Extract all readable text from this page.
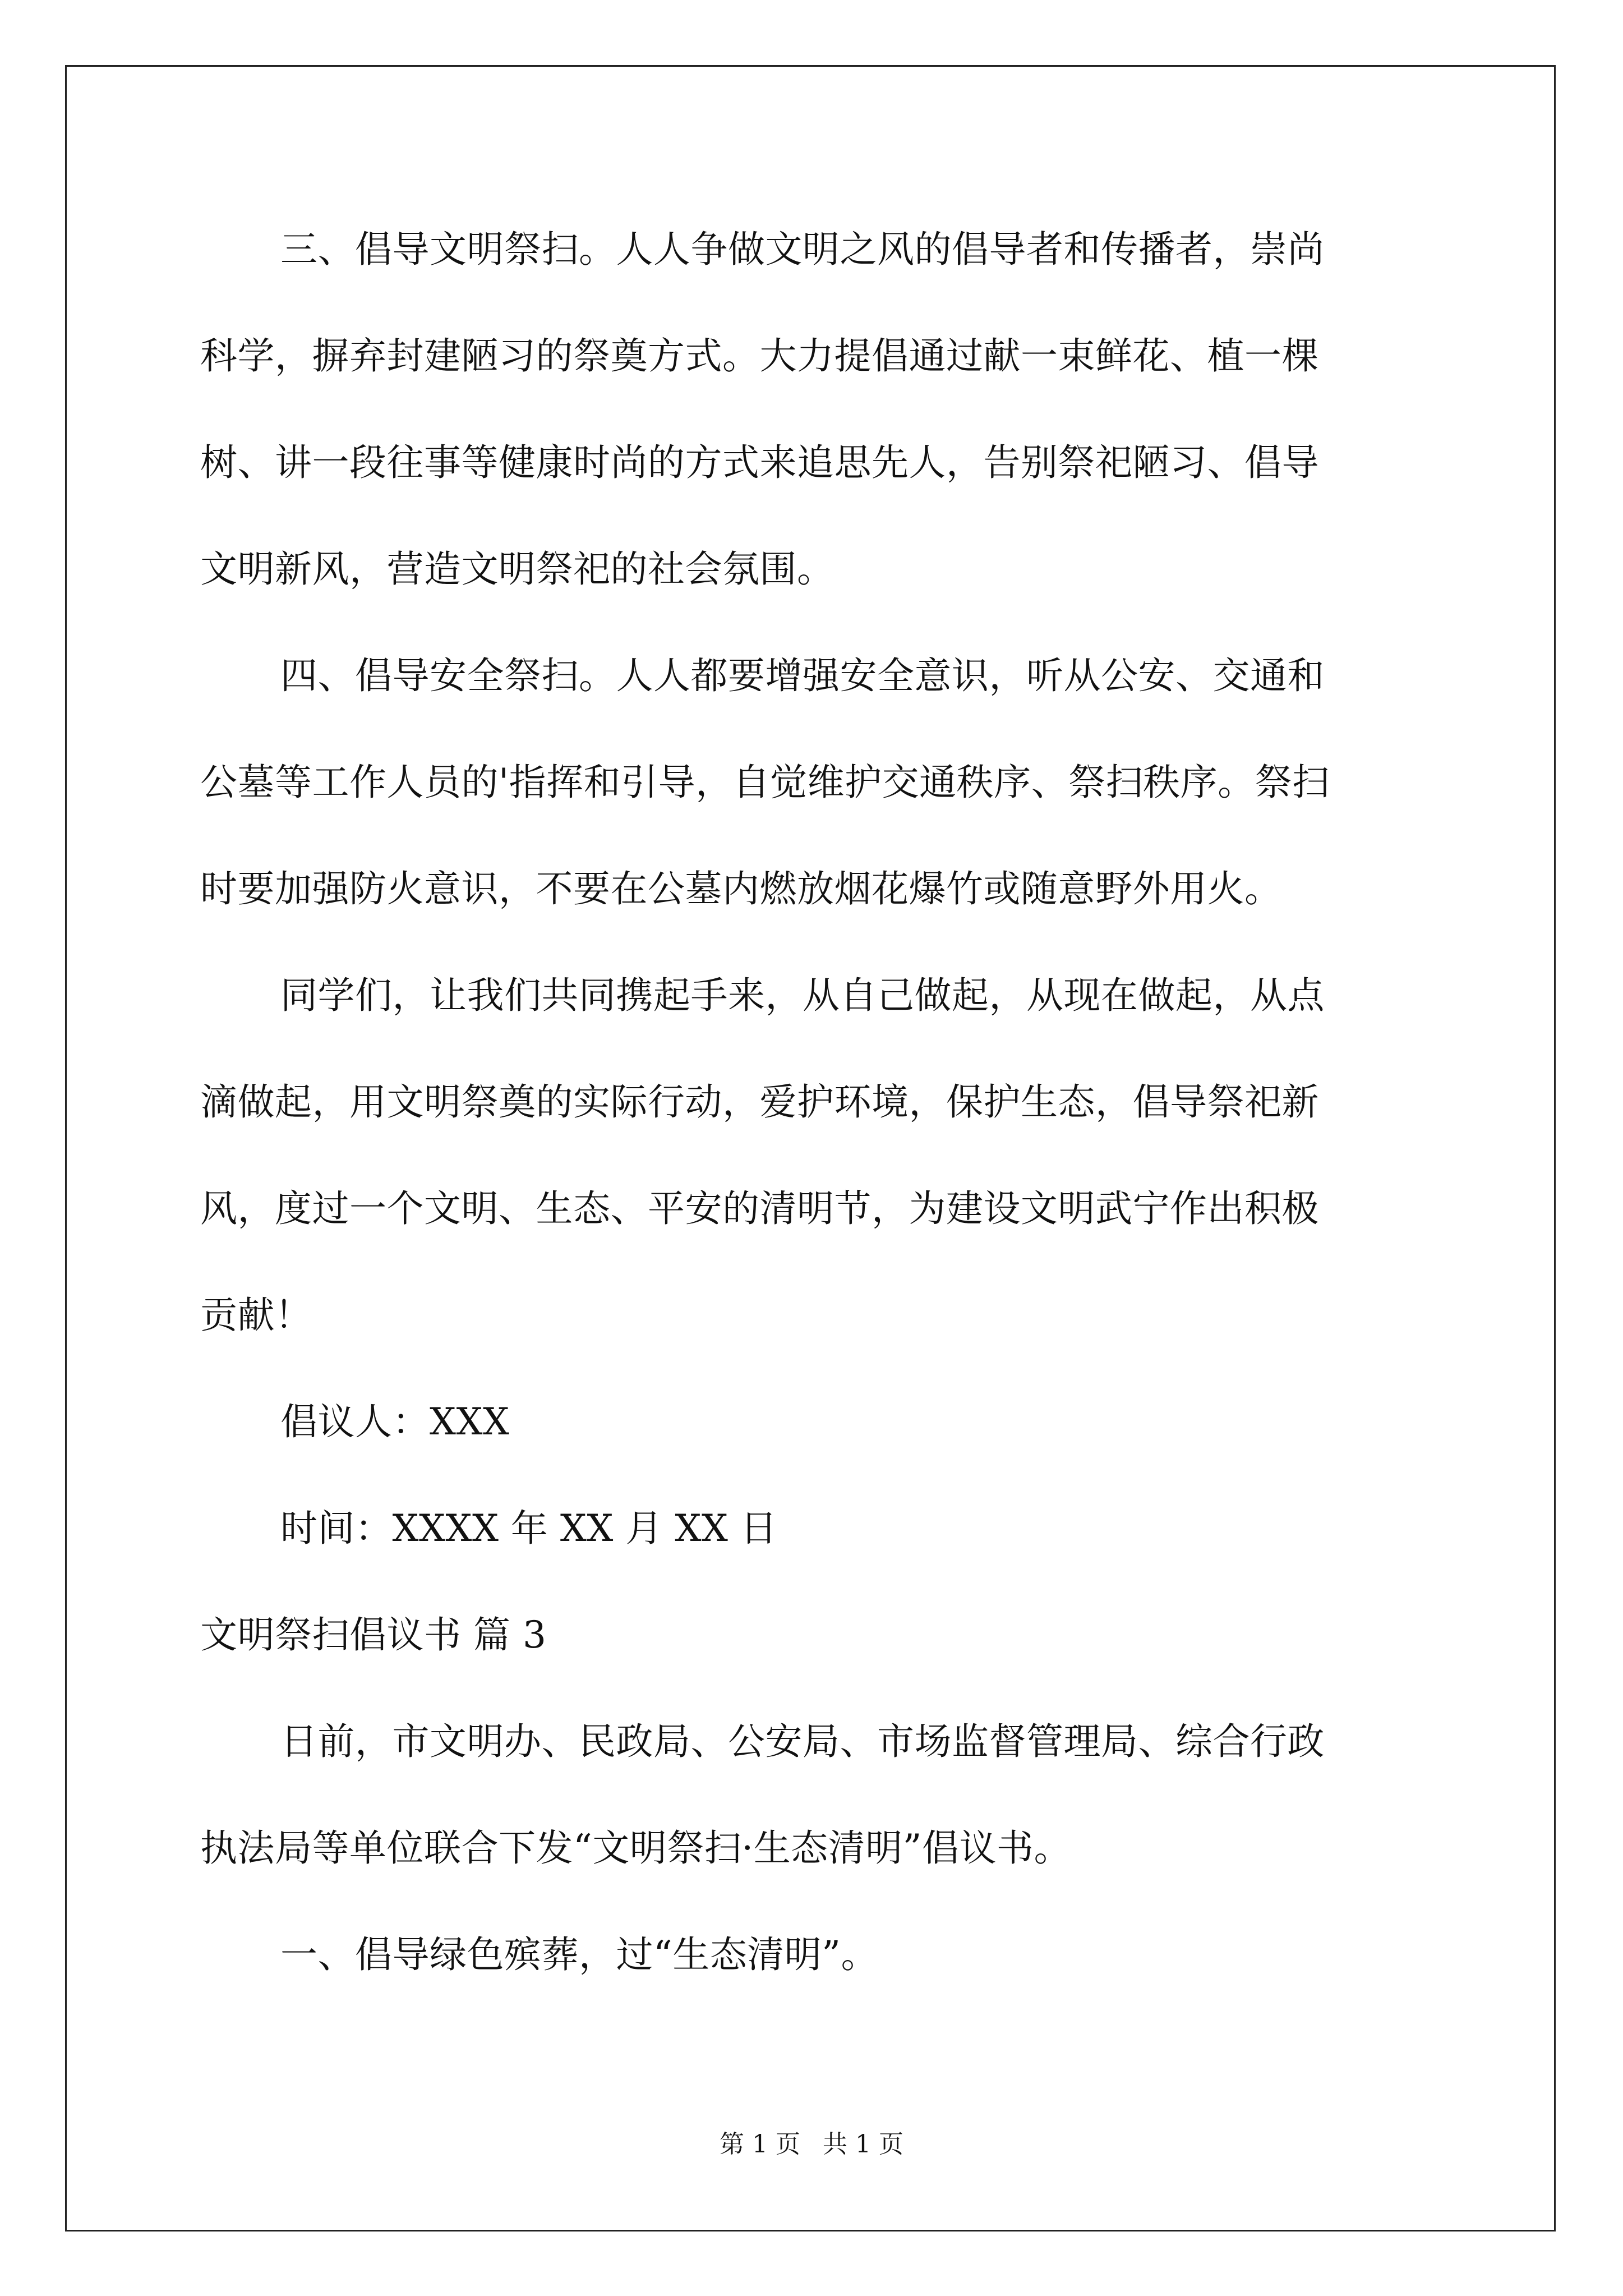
三、倡导文明祭扫。人人争做文明之风的倡导者和传播者，崇尚
科学，摒弃封建陋习的祭奠方式。大力提倡通过献一束鲜花、植一棵
树、讲一段往事等健康时尚的方式来追思先人，告别祭祀陋习、倡导
文明新风，营造文明祭祀的社会氛围。
四、倡导安全祭扫。人人都要增强安全意识，听从公安、交通和
公墓等工作人员的'指挥和引导，自觉维护交通秩序、祭扫秩序。祭扫
时要加强防火意识，不要在公墓内燃放烟花爆竹或随意野外用火。
同学们，让我们共同携起手来，从自己做起，从现在做起，从点
滴做起，用文明祭奠的实际行动，爱护环境，保护生态，倡导祭祀新
风，度过一个文明、生态、平安的清明节，为建设文明武宁作出积极
贡献！
倡议人：XXX
时间：XXXX 年 XX 月 XX 日
文明祭扫倡议书 篇 3
日前，市文明办、民政局、公安局、市场监督管理局、综合行政
执法局等单位联合下发“文明祭扫·生态清明”倡议书。
一、倡导绿色殡葬，过“生态清明”。
第 1 页 共 1 页
